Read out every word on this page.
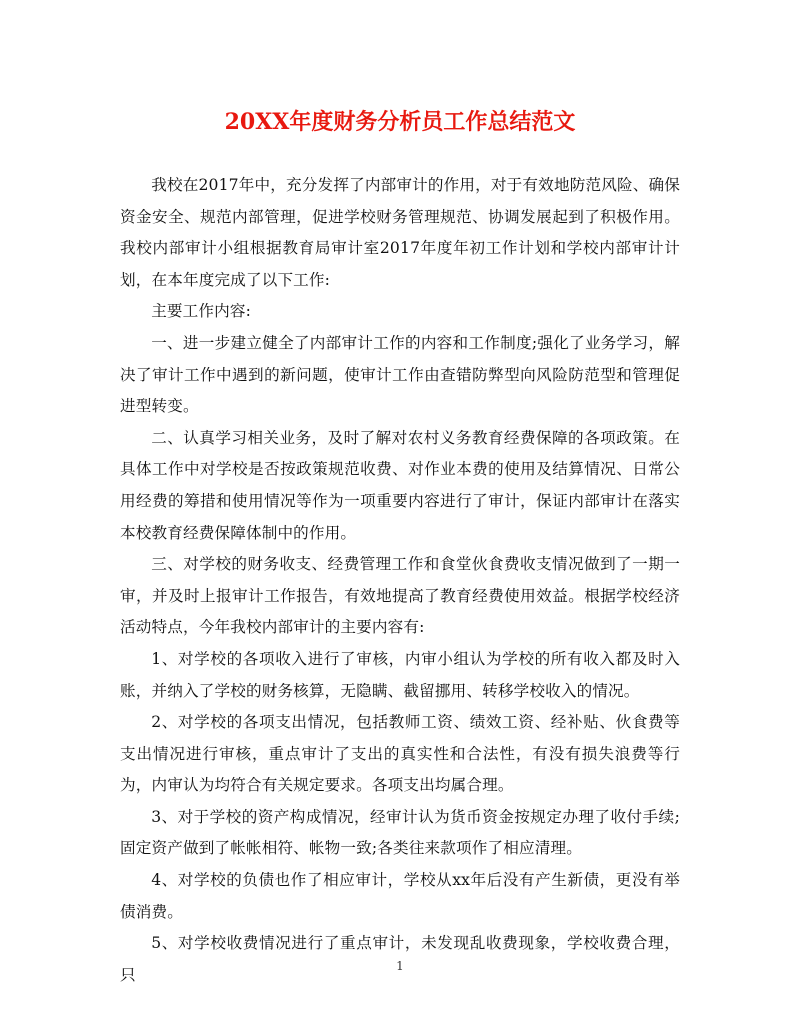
20XX年度财务分析员工作总结范文

我校在2017年中，充分发挥了内部审计的作用，对于有效地防范风险、确保资金安全、规范内部管理，促进学校财务管理规范、协调发展起到了积极作用。我校内部审计小组根据教育局审计室2017年度年初工作计划和学校内部审计计划，在本年度完成了以下工作:

主要工作内容:

一、进一步建立健全了内部审计工作的内容和工作制度;强化了业务学习，解决了审计工作中遇到的新问题，使审计工作由查错防弊型向风险防范型和管理促进型转变。

二、认真学习相关业务，及时了解对农村义务教育经费保障的各项政策。在具体工作中对学校是否按政策规范收费、对作业本费的使用及结算情况、日常公用经费的筹措和使用情况等作为一项重要内容进行了审计，保证内部审计在落实本校教育经费保障体制中的作用。

三、对学校的财务收支、经费管理工作和食堂伙食费收支情况做到了一期一审，并及时上报审计工作报告，有效地提高了教育经费使用效益。根据学校经济活动特点，今年我校内部审计的主要内容有:

1、对学校的各项收入进行了审核，内审小组认为学校的所有收入都及时入账，并纳入了学校的财务核算，无隐瞒、截留挪用、转移学校收入的情况。

2、对学校的各项支出情况，包括教师工资、绩效工资、经补贴、伙食费等支出情况进行审核，重点审计了支出的真实性和合法性，有没有损失浪费等行为，内审认为均符合有关规定要求。各项支出均属合理。

3、对于学校的资产构成情况，经审计认为货币资金按规定办理了收付手续;固定资产做到了帐帐相符、帐物一致;各类往来款项作了相应清理。

4、对学校的负债也作了相应审计，学校从xx年后没有产生新债，更没有举债消费。

5、对学校收费情况进行了重点审计，未发现乱收费现象，学校收费合理，只	1
